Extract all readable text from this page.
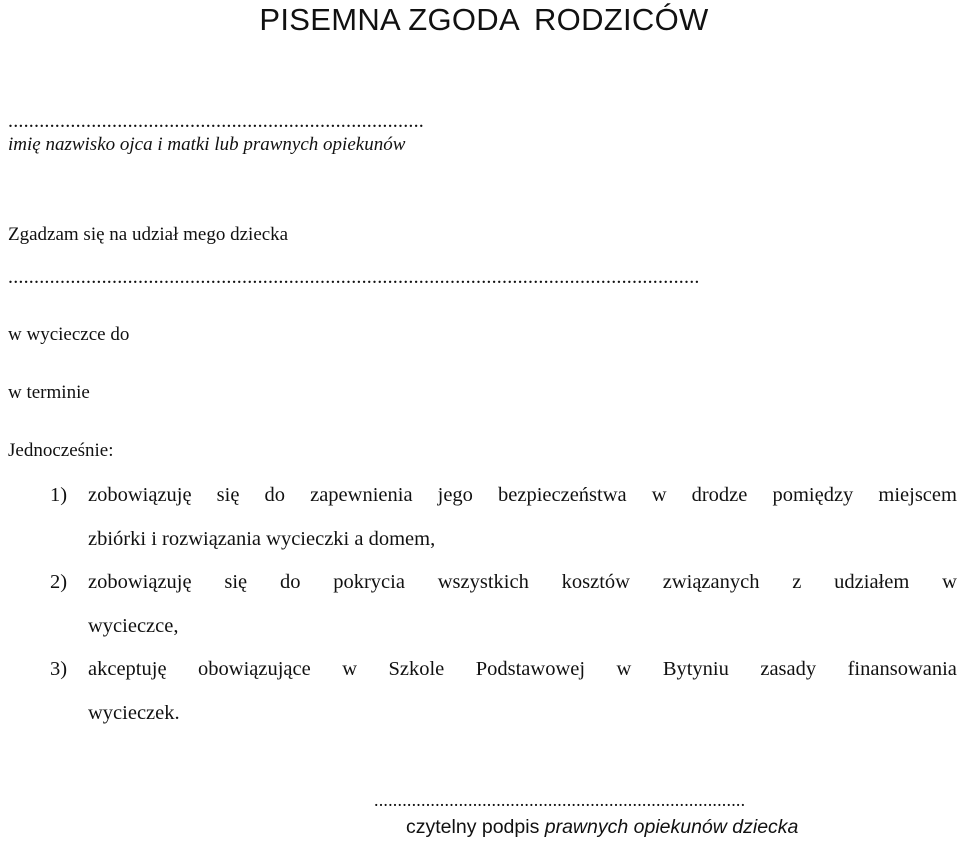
PISEMNA ZGODA RODZICÓW
................................................................................
imię nazwisko ojca i matki lub prawnych opiekunów
Zgadzam się na udział mego dziecka
.....................................................................................................................................
w wycieczce do
w terminie
Jednocześnie:
1) zobowiązuję się do zapewnienia jego bezpieczeństwa w drodze pomiędzy miejscem
zbiórki i rozwiązania wycieczki a domem,
2) zobowiązuję się do pokrycia wszystkich kosztów związanych z udziałem w
wycieczce,
3) akceptuję obowiązujące w Szkole Podstawowej w Bytyniu zasady finansowania
wycieczek.
...............................................................................
czytelny podpis prawnych opiekunów dziecka
